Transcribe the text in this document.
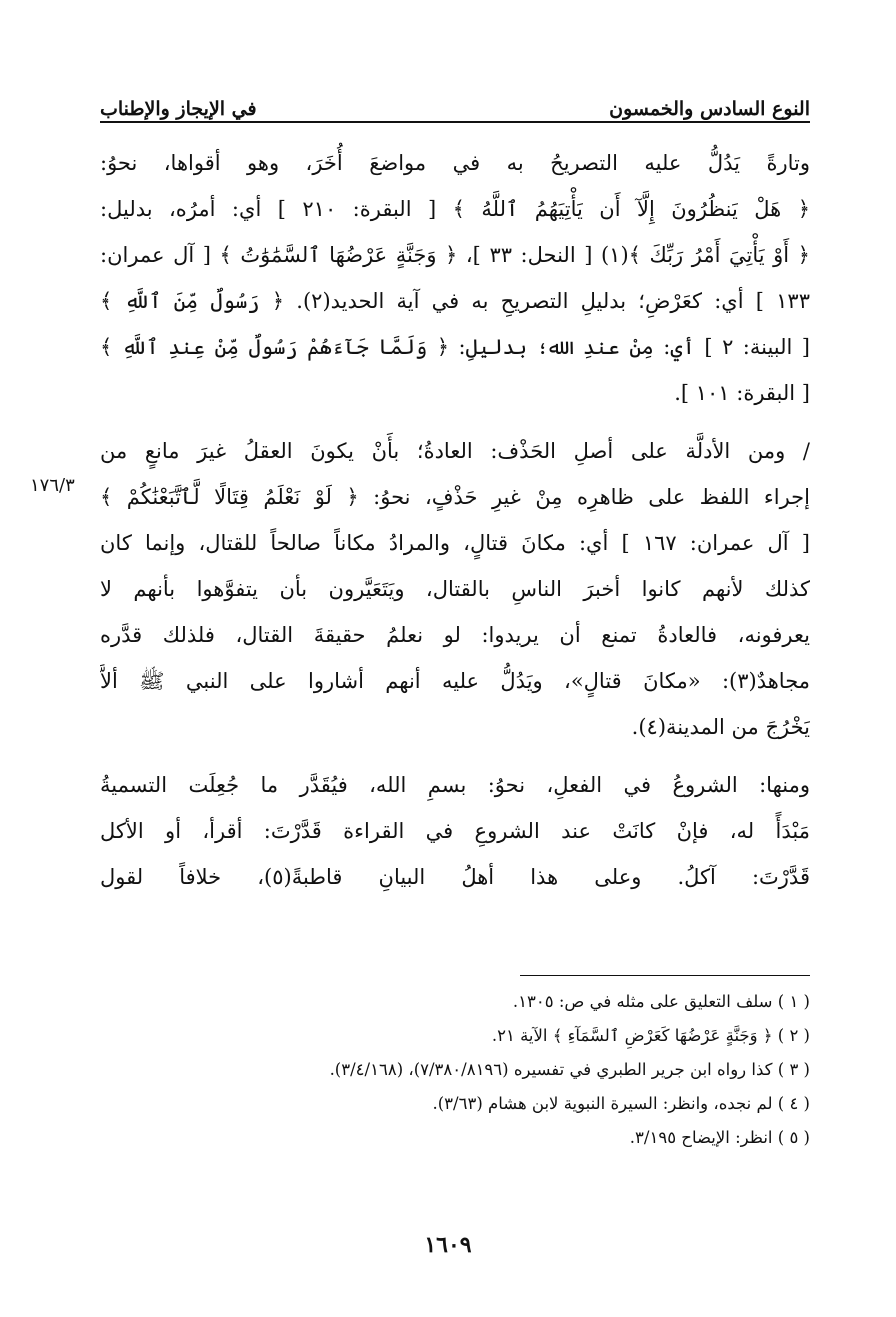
النوع السادس والخمسون
في الإيجاز والإطناب
وتارةً يَدُلُّ عليه التصريحُ به في مواضعَ أُخَرَ، وهو أقواها، نحوُ:
﴿ هَلْ يَنظُرُونَ إِلَّآ أَن يَأْتِيَهُمُ ٱللَّهُ ﴾ [ البقرة: ٢١٠ ] أي: أمرُه، بدليل:
﴿ أَوْ يَأْتِيَ أَمْرُ رَبِّكَ ﴾(١) [ النحل: ٣٣ ]، ﴿ وَجَنَّةٍ عَرْضُهَا ٱلسَّمَٰوَٰتُ ﴾ [ آل عمران:
١٣٣ ] أي: كعَرْضِ؛ بدليلِ التصريحِ به في آية الحديد(٢). ﴿ رَسُولٌ مِّنَ ٱللَّهِ ﴾
[ البينة: ٢ ] أي: مِنْ عندِ الله؛ بدليلِ: ﴿ وَلَمَّا جَآءَهُمْ رَسُولٌ مِّنْ عِندِ ٱللَّهِ ﴾
[ البقرة: ١٠١ ].
/ ومن الأدلَّة على أصلِ الحَذْف: العادةُ؛ بأَنْ يكونَ العقلُ غيرَ مانعٍ من
إجراء اللفظ على ظاهرِه مِنْ غيرِ حَذْفٍ، نحوُ: ﴿ لَوْ نَعْلَمُ قِتَالًا لَّٱتَّبَعْنَٰكُمْ ﴾
[ آل عمران: ١٦٧ ] أي: مكانَ قتالٍ، والمرادُ مكاناً صالحاً للقتال، وإنما كان
كذلك لأنهم كانوا أخبرَ الناسِ بالقتال، ويَتَعَيَّرون بأن يتفوَّهوا بأنهم لا
يعرفونه، فالعادةُ تمنع أن يريدوا: لو نعلمُ حقيقةَ القتال، فلذلك قدَّره
مجاهدٌ(٣): «مكانَ قتالٍ»، ويَدُلُّ عليه أنهم أشاروا على النبي ﷺ ألاَّ
يَخْرُجَ من المدينة(٤).
ومنها: الشروعُ في الفعلِ، نحوُ: بسمِ الله، فيُقَدَّر ما جُعِلَت التسميةُ
مَبْدَأً له، فإنْ كانَتْ عند الشروعِ في القراءة قَدَّرْتَ: أقرأ، أو الأكل
قَدَّرْتَ: آكلُ. وعلى هذا أهلُ البيانِ قاطبةً(٥)، خلافاً لقول
١٧٦/٣
( ١ ) سلف التعليق على مثله في ص: ١٣٠٥.
( ٢ ) ﴿ وَجَنَّةٍ عَرْضُهَا كَعَرْضِ ٱلسَّمَآءِ ﴾ الآية ٢١.
( ٣ ) كذا رواه ابن جرير الطبري في تفسيره (٧/٣٨٠/٨١٩٦)، (٣/٤/١٦٨).
( ٤ ) لم نجده، وانظر: السيرة النبوية لابن هشام (٣/٦٣).
( ٥ ) انظر: الإيضاح ٣/١٩٥.
١٦٠٩
